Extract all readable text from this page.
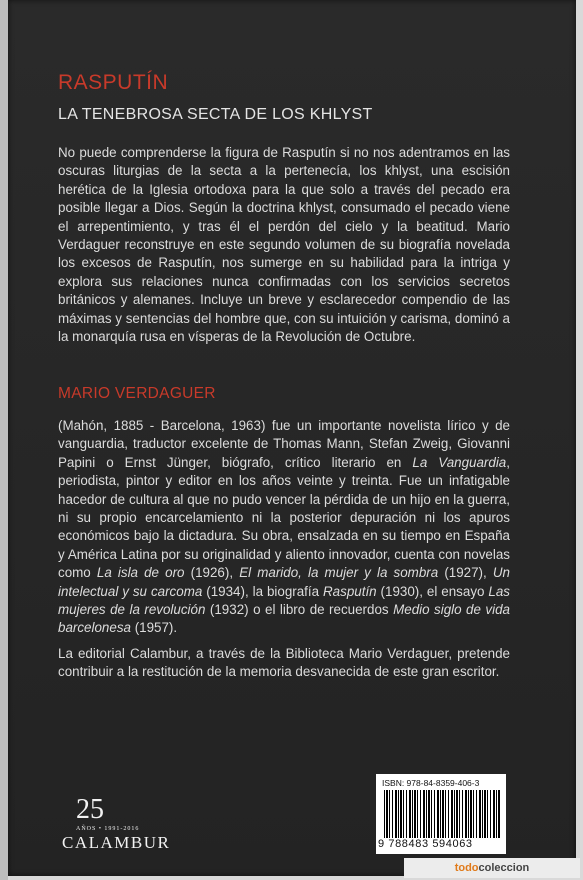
RASPUTÍN
LA TENEBROSA SECTA DE LOS KHLYST

No puede comprenderse la figura de Rasputín si no nos adentramos en las oscuras liturgias de la secta a la pertenecía, los khlyst, una escisión herética de la Iglesia ortodoxa para la que solo a través del pecado era posible llegar a Dios. Según la doctrina khlyst, consumado el pecado viene el arrepentimiento, y tras él el perdón del cielo y la beatitud. Mario Verdaguer reconstruye en este segundo volumen de su biografía novelada los excesos de Rasputín, nos sumerge en su habilidad para la intriga y explora sus relaciones nunca confirmadas con los servicios secretos británicos y alemanes. Incluye un breve y esclarecedor compendio de las máximas y sentencias del hombre que, con su intuición y carisma, dominó a la monarquía rusa en vísperas de la Revolución de Octubre.

MARIO VERDAGUER

(Mahón, 1885 - Barcelona, 1963) fue un importante novelista lírico y de vanguardia, traductor excelente de Thomas Mann, Stefan Zweig, Giovanni Papini o Ernst Jünger, biógrafo, crítico literario en La Vanguardia, periodista, pintor y editor en los años veinte y treinta. Fue un infatigable hacedor de cultura al que no pudo vencer la pérdida de un hijo en la guerra, ni su propio encarcelamiento ni la posterior depuración ni los apuros económicos bajo la dictadura. Su obra, ensalzada en su tiempo en España y América Latina por su originalidad y aliento innovador, cuenta con novelas como La isla de oro (1926), El marido, la mujer y la sombra (1927), Un intelectual y su carcoma (1934), la biografía Rasputín (1930), el ensayo Las mujeres de la revolución (1932) o el libro de recuerdos Medio siglo de vida barcelonesa (1957).

La editorial Calambur, a través de la Biblioteca Mario Verdaguer, pretende contribuir a la restitución de la memoria desvanecida de este gran escritor.

25
AÑOS • 1991-2016
CALAMBUR
ISBN: 978-84-8359-406-3
9 788483 594063
todocoleccion
